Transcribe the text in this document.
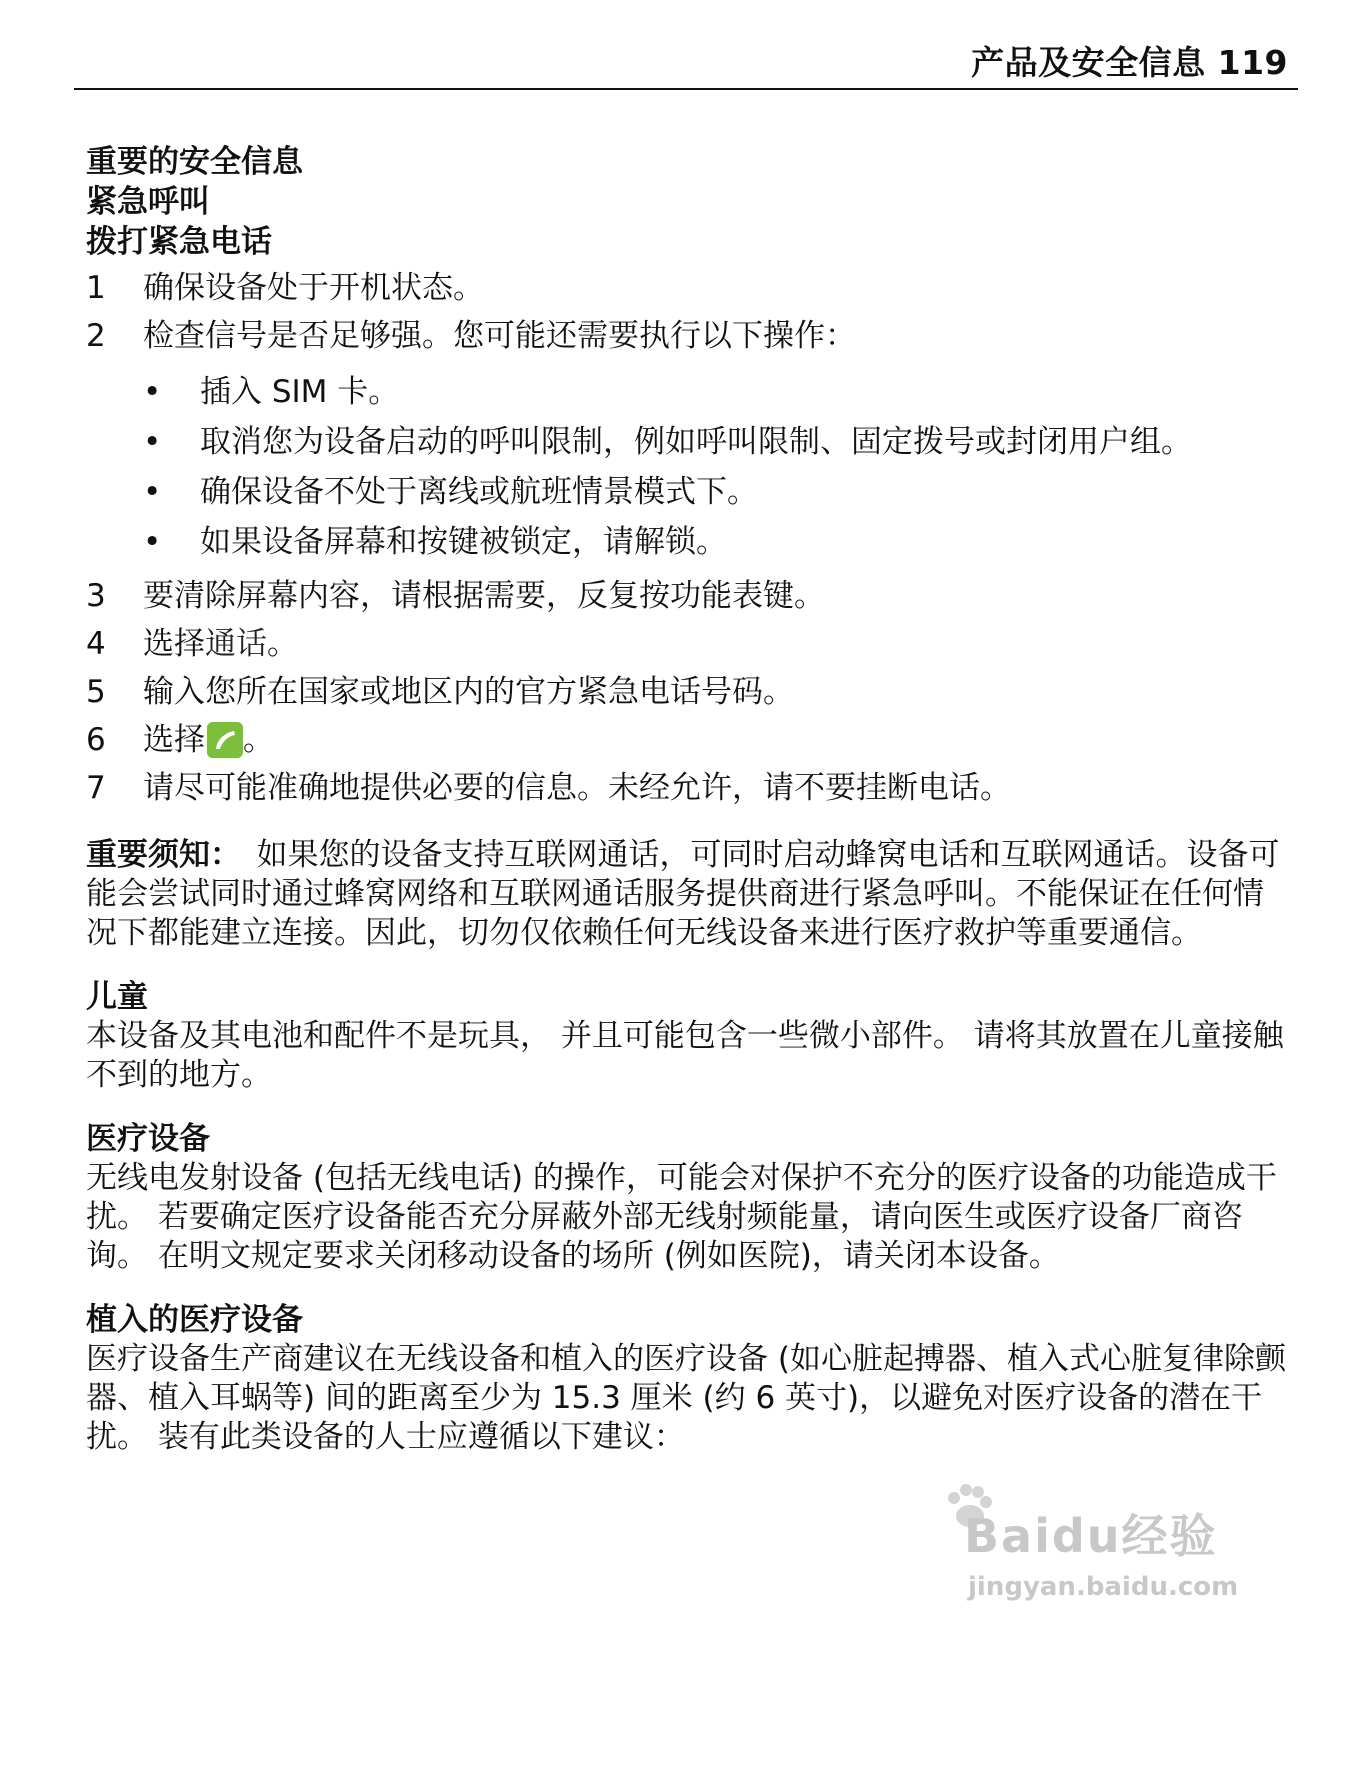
产品及安全信息 119
重要的安全信息
紧急呼叫
拨打紧急电话
1	确保设备处于开机状态。
2	检查信号是否足够强。您可能还需要执行以下操作：
•	插入 SIM 卡。
•	取消您为设备启动的呼叫限制，例如呼叫限制、固定拨号或封闭用户组。
•	确保设备不处于离线或航班情景模式下。
•	如果设备屏幕和按键被锁定，请解锁。
3	要清除屏幕内容，请根据需要，反复按功能表键。
4	选择 通话 。
5	输入您所在国家或地区内的官方紧急电话号码。
6	选择 。
7	请尽可能准确地提供必要的信息。未经允许，请不要挂断电话。
重要须知：　如果您的设备支持互联网通话，可同时启动蜂窝电话和互联网通话。设备可能会尝试同时通过蜂窝网络和互联网通话服务提供商进行紧急呼叫。不能保证在任何情况下都能建立连接。因此，切勿仅依赖任何无线设备来进行医疗救护等重要通信。
儿童
本设备及其电池和配件不是玩具， 并且可能包含一些微小部件。 请将其放置在儿童接触不到的地方。
医疗设备
无线电发射设备 (包括无线电话) 的操作，可能会对保护不充分的医疗设备的功能造成干扰。 若要确定医疗设备能否充分屏蔽外部无线射频能量，请向医生或医疗设备厂商咨询。 在明文规定要求关闭移动设备的场所 (例如医院)，请关闭本设备。
植入的医疗设备
医疗设备生产商建议在无线设备和植入的医疗设备 (如心脏起搏器、植入式心脏复律除颤器、植入耳蜗等) 间的距离至少为 15.3 厘米 (约 6 英寸)，以避免对医疗设备的潜在干扰。 装有此类设备的人士应遵循以下建议：
Baidu经验
jingyan.baidu.com
